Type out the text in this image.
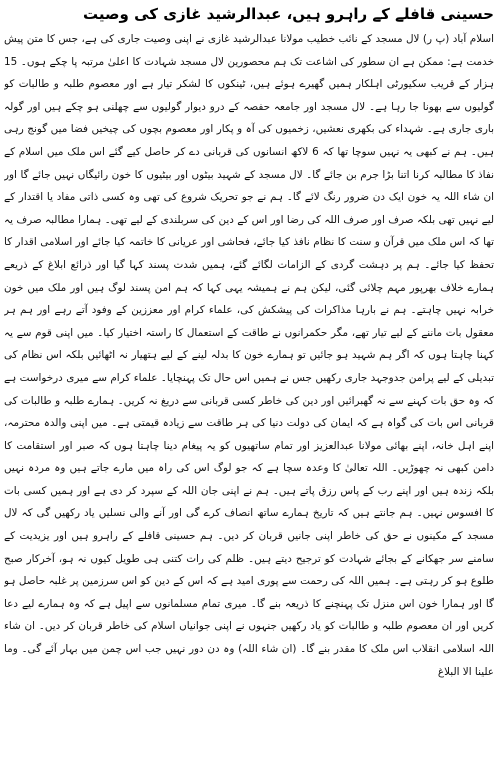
حسینی قافلے کے راہرو ہیں، عبدالرشید غازی کی وصیت

اسلام آباد (پ ر) لال مسجد کے نائب خطیب مولانا عبدالرشید غازی نے اپنی وصیت جاری کی ہے، جس کا متن پیش خدمت ہے: ممکن ہے ان سطور کی اشاعت تک ہم محصورین لال مسجد شہادت کا اعلیٰ مرتبہ پا چکے ہوں۔ 15 ہزار کے قریب سکیورٹی اہلکار ہمیں گھیرے ہوئے ہیں، ٹینکوں کا لشکر تیار ہے اور معصوم طلبہ و طالبات کو گولیوں سے بھونا جا رہا ہے۔ لال مسجد اور جامعہ حفصہ کے درو دیوار گولیوں سے چھلنی ہو چکے ہیں اور گولہ باری جاری ہے۔ شہداء کی بکھری نعشیں، زخمیوں کی آہ و پکار اور معصوم بچوں کی چیخیں فضا میں گونج رہی ہیں۔ ہم نے کبھی یہ نہیں سوچا تھا کہ 6 لاکھ انسانوں کی قربانی دے کر حاصل کیے گئے اس ملک میں اسلام کے نفاذ کا مطالبہ کرنا اتنا بڑا جرم بن جائے گا۔ لال مسجد کے شہید بیٹوں اور بیٹیوں کا خون رائیگاں نہیں جائے گا اور ان شاء اللہ یہ خون ایک دن ضرور رنگ لائے گا۔ ہم نے جو تحریک شروع کی تھی وہ کسی ذاتی مفاد یا اقتدار کے لیے نہیں تھی بلکہ صرف اور صرف اللہ کی رضا اور اس کے دین کی سربلندی کے لیے تھی۔ ہمارا مطالبہ صرف یہ تھا کہ اس ملک میں قرآن و سنت کا نظام نافذ کیا جائے، فحاشی اور عریانی کا خاتمہ کیا جائے اور اسلامی اقدار کا تحفظ کیا جائے۔ ہم پر دہشت گردی کے الزامات لگائے گئے، ہمیں شدت پسند کہا گیا اور ذرائع ابلاغ کے ذریعے ہمارے خلاف بھرپور مہم چلائی گئی، لیکن ہم نے ہمیشہ یہی کہا کہ ہم امن پسند لوگ ہیں اور ملک میں خون خرابہ نہیں چاہتے۔ ہم نے بارہا مذاکرات کی پیشکش کی، علماء کرام اور معززین کے وفود آتے رہے اور ہم ہر معقول بات ماننے کے لیے تیار تھے، مگر حکمرانوں نے طاقت کے استعمال کا راستہ اختیار کیا۔ میں اپنی قوم سے یہ کہنا چاہتا ہوں کہ اگر ہم شہید ہو جائیں تو ہمارے خون کا بدلہ لینے کے لیے ہتھیار نہ اٹھائیں بلکہ اس نظام کی تبدیلی کے لیے پرامن جدوجہد جاری رکھیں جس نے ہمیں اس حال تک پہنچایا۔ علماء کرام سے میری درخواست ہے کہ وہ حق بات کہنے سے نہ گھبرائیں اور دین کی خاطر کسی قربانی سے دریغ نہ کریں۔ ہمارے طلبہ و طالبات کی قربانی اس بات کی گواہ ہے کہ ایمان کی دولت دنیا کی ہر طاقت سے زیادہ قیمتی ہے۔ میں اپنی والدہ محترمہ، اپنے اہل خانہ، اپنے بھائی مولانا عبدالعزیز اور تمام ساتھیوں کو یہ پیغام دینا چاہتا ہوں کہ صبر اور استقامت کا دامن کبھی نہ چھوڑیں۔ اللہ تعالیٰ کا وعدہ سچا ہے کہ جو لوگ اس کی راہ میں مارے جاتے ہیں وہ مردہ نہیں بلکہ زندہ ہیں اور اپنے رب کے پاس رزق پاتے ہیں۔ ہم نے اپنی جان اللہ کے سپرد کر دی ہے اور ہمیں کسی بات کا افسوس نہیں۔ ہم جانتے ہیں کہ تاریخ ہمارے ساتھ انصاف کرے گی اور آنے والی نسلیں یاد رکھیں گی کہ لال مسجد کے مکینوں نے حق کی خاطر اپنی جانیں قربان کر دیں۔ ہم حسینی قافلے کے راہرو ہیں اور یزیدیت کے سامنے سر جھکانے کے بجائے شہادت کو ترجیح دیتے ہیں۔ ظلم کی رات کتنی ہی طویل کیوں نہ ہو، آخرکار صبح طلوع ہو کر رہتی ہے۔ ہمیں اللہ کی رحمت سے پوری امید ہے کہ اس کے دین کو اس سرزمین پر غلبہ حاصل ہو گا اور ہمارا خون اس منزل تک پہنچنے کا ذریعہ بنے گا۔ میری تمام مسلمانوں سے اپیل ہے کہ وہ ہمارے لیے دعا کریں اور ان معصوم طلبہ و طالبات کو یاد رکھیں جنہوں نے اپنی جوانیاں اسلام کی خاطر قربان کر دیں۔ ان شاء اللہ اسلامی انقلاب اس ملک کا مقدر بنے گا۔ (ان شاء اللہ) وہ دن دور نہیں جب اس چمن میں بہار آئے گی۔ وما علینا الا البلاغ
